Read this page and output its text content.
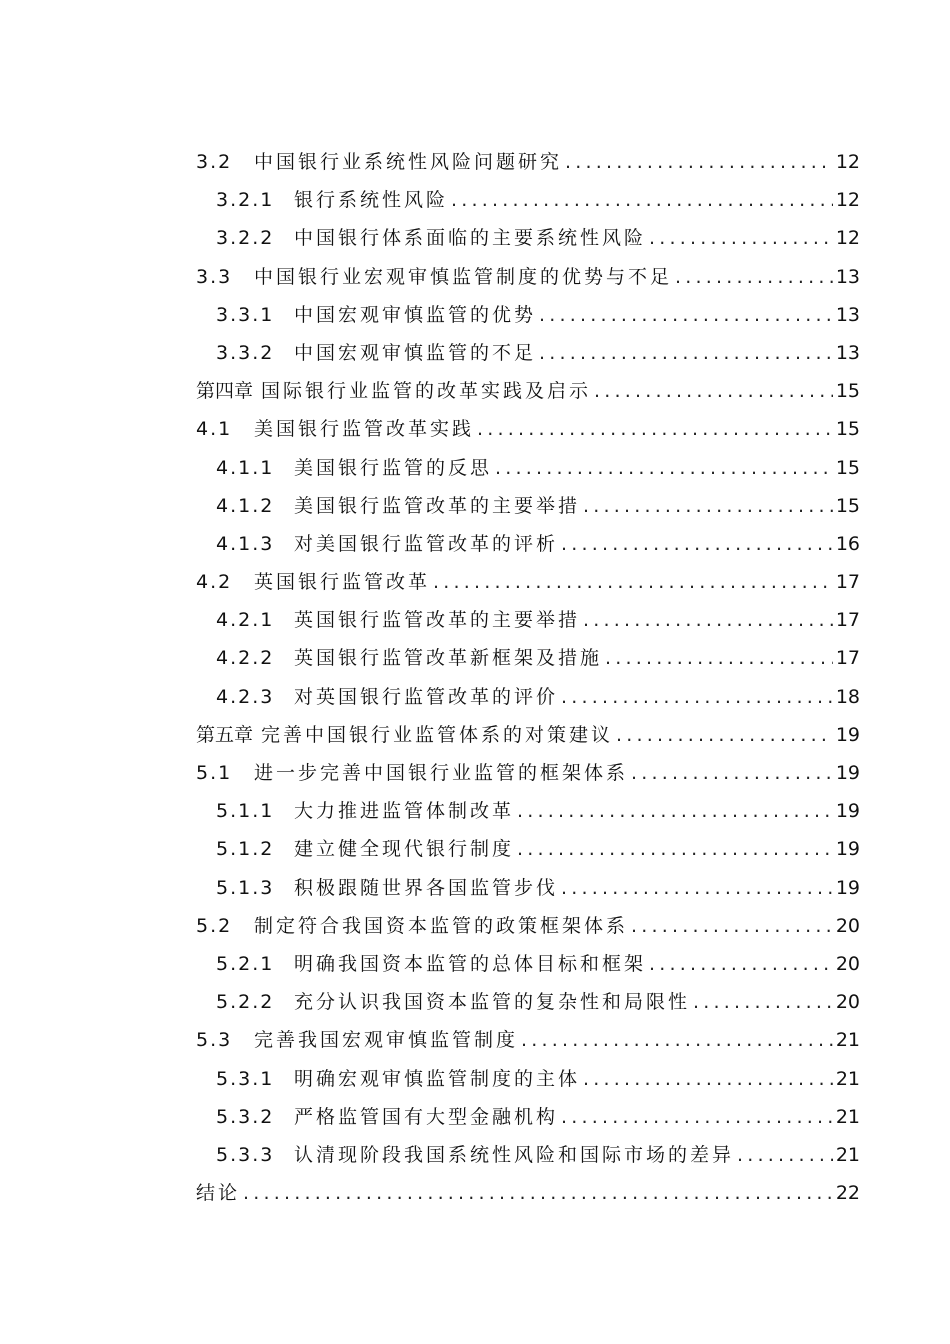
3.2	中国银行业系统性风险问题研究 .....	12
3.2.1	银行系统性风险 .....	12
3.2.2	中国银行体系面临的主要系统性风险 .....	12
3.3	中国银行业宏观审慎监管制度的优势与不足 .....	13
3.3.1	中国宏观审慎监管的优势 .....	13
3.3.2	中国宏观审慎监管的不足 .....	13
第四章 国际银行业监管的改革实践及启示 .....	15
4.1	美国银行监管改革实践 .....	15
4.1.1	美国银行监管的反思 .....	15
4.1.2	美国银行监管改革的主要举措 .....	15
4.1.3	对美国银行监管改革的评析 .....	16
4.2	英国银行监管改革 .....	17
4.2.1	英国银行监管改革的主要举措 .....	17
4.2.2	英国银行监管改革新框架及措施 .....	17
4.2.3	对英国银行监管改革的评价 .....	18
第五章 完善中国银行业监管体系的对策建议 .....	19
5.1	进一步完善中国银行业监管的框架体系 .....	19
5.1.1	大力推进监管体制改革 .....	19
5.1.2	建立健全现代银行制度 .....	19
5.1.3	积极跟随世界各国监管步伐 .....	19
5.2	制定符合我国资本监管的政策框架体系 .....	20
5.2.1	明确我国资本监管的总体目标和框架 .....	20
5.2.2	充分认识我国资本监管的复杂性和局限性 .....	20
5.3	完善我国宏观审慎监管制度 .....	21
5.3.1	明确宏观审慎监管制度的主体 .....	21
5.3.2	严格监管国有大型金融机构 .....	21
5.3.3	认清现阶段我国系统性风险和国际市场的差异 .....	21
结论 .....	22
